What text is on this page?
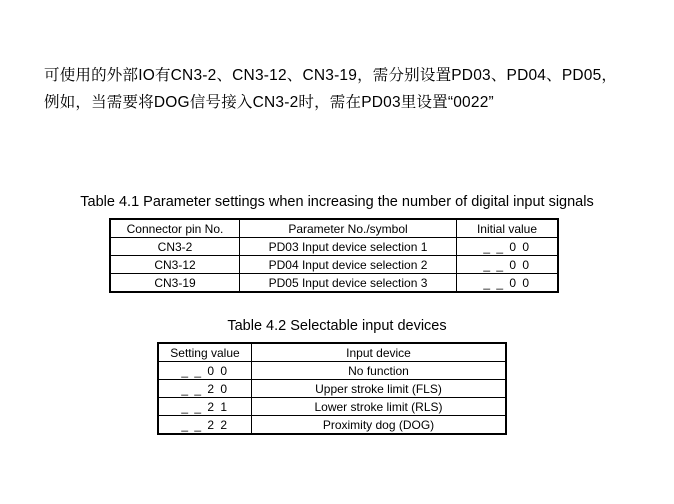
可使用的外部IO有CN3-2、CN3-12、CN3-19，需分别设置PD03、PD04、PD05，
例如，当需要将DOG信号接入CN3-2时，需在PD03里设置“0022”
Table 4.1 Parameter settings when increasing the number of digital input signals
Connector pin No.	Parameter No./symbol	Initial value
CN3-2	PD03 Input device selection 1	_ _ 0 0
CN3-12	PD04 Input device selection 2	_ _ 0 0
CN3-19	PD05 Input device selection 3	_ _ 0 0
Table 4.2 Selectable input devices
Setting value	Input device
_ _ 0 0	No function
_ _ 2 0	Upper stroke limit (FLS)
_ _ 2 1	Lower stroke limit (RLS)
_ _ 2 2	Proximity dog (DOG)
